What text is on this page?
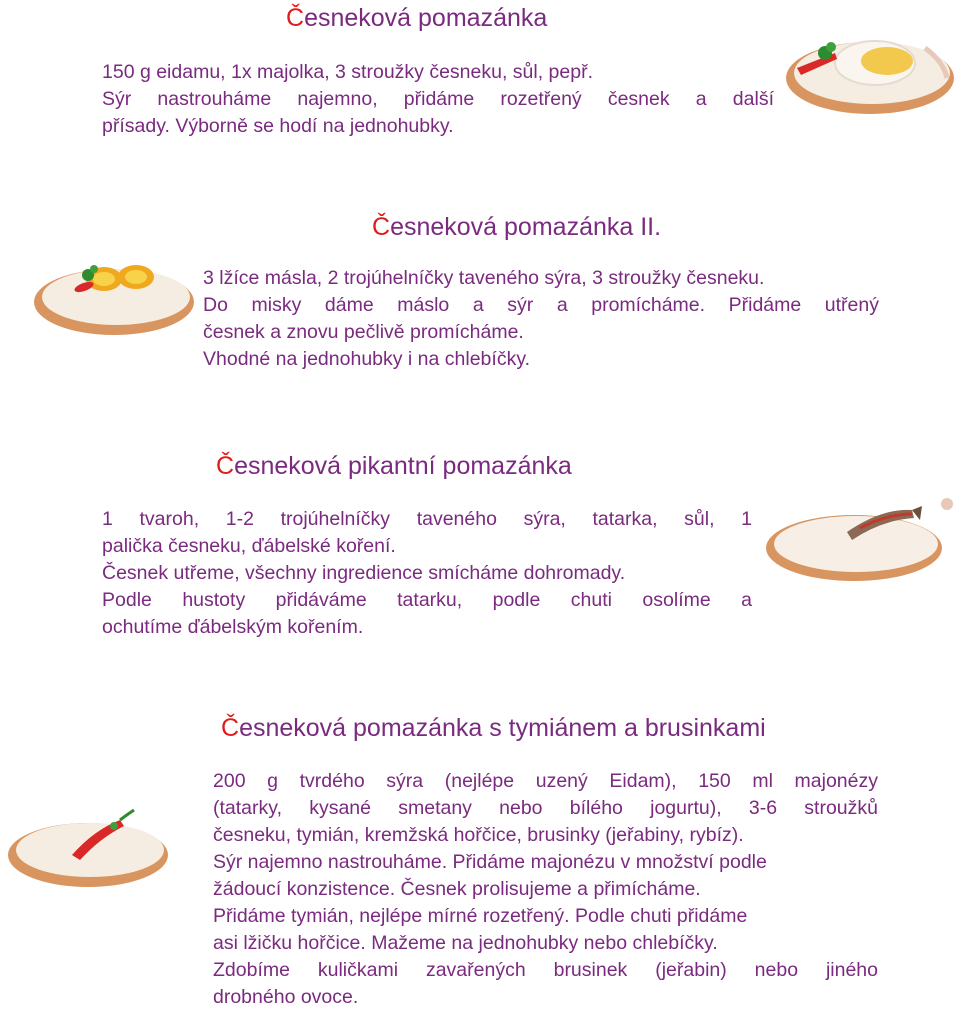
Česneková pomazánka
150 g eidamu, 1x majolka, 3 stroužky česneku, sůl, pepř.
Sýr nastrouháme najemno, přidáme rozetřený česnek a další
přísady. Výborně se hodí na jednohubky.
Česneková pomazánka II.
3 lžíce másla, 2 trojúhelníčky taveného sýra, 3 stroužky česneku.
Do misky dáme máslo a sýr a promícháme. Přidáme utřený
česnek a znovu pečlivě promícháme.
Vhodné na jednohubky i na chlebíčky.
Česneková pikantní pomazánka
1 tvaroh, 1-2 trojúhelníčky taveného sýra, tatarka, sůl, 1
palička česneku, ďábelské koření.
Česnek utřeme, všechny ingredience smícháme dohromady.
Podle hustoty přidáváme tatarku, podle chuti osolíme a
ochutíme ďábelským kořením.
Česneková pomazánka s tymiánem a brusinkami
200 g tvrdého sýra (nejlépe uzený Eidam), 150 ml majonézy
(tatarky, kysané smetany nebo bílého jogurtu), 3-6 stroužků
česneku, tymián, kremžská hořčice, brusinky (jeřabiny, rybíz).
Sýr najemno nastrouháme. Přidáme majonézu v množství podle
žádoucí konzistence. Česnek prolisujeme a přimícháme.
Přidáme tymián, nejlépe mírné rozetřený. Podle chuti přidáme
asi lžičku hořčice. Mažeme na jednohubky nebo chlebíčky.
Zdobíme kuličkami zavařených brusinek (jeřabin) nebo jiného
drobného ovoce.
